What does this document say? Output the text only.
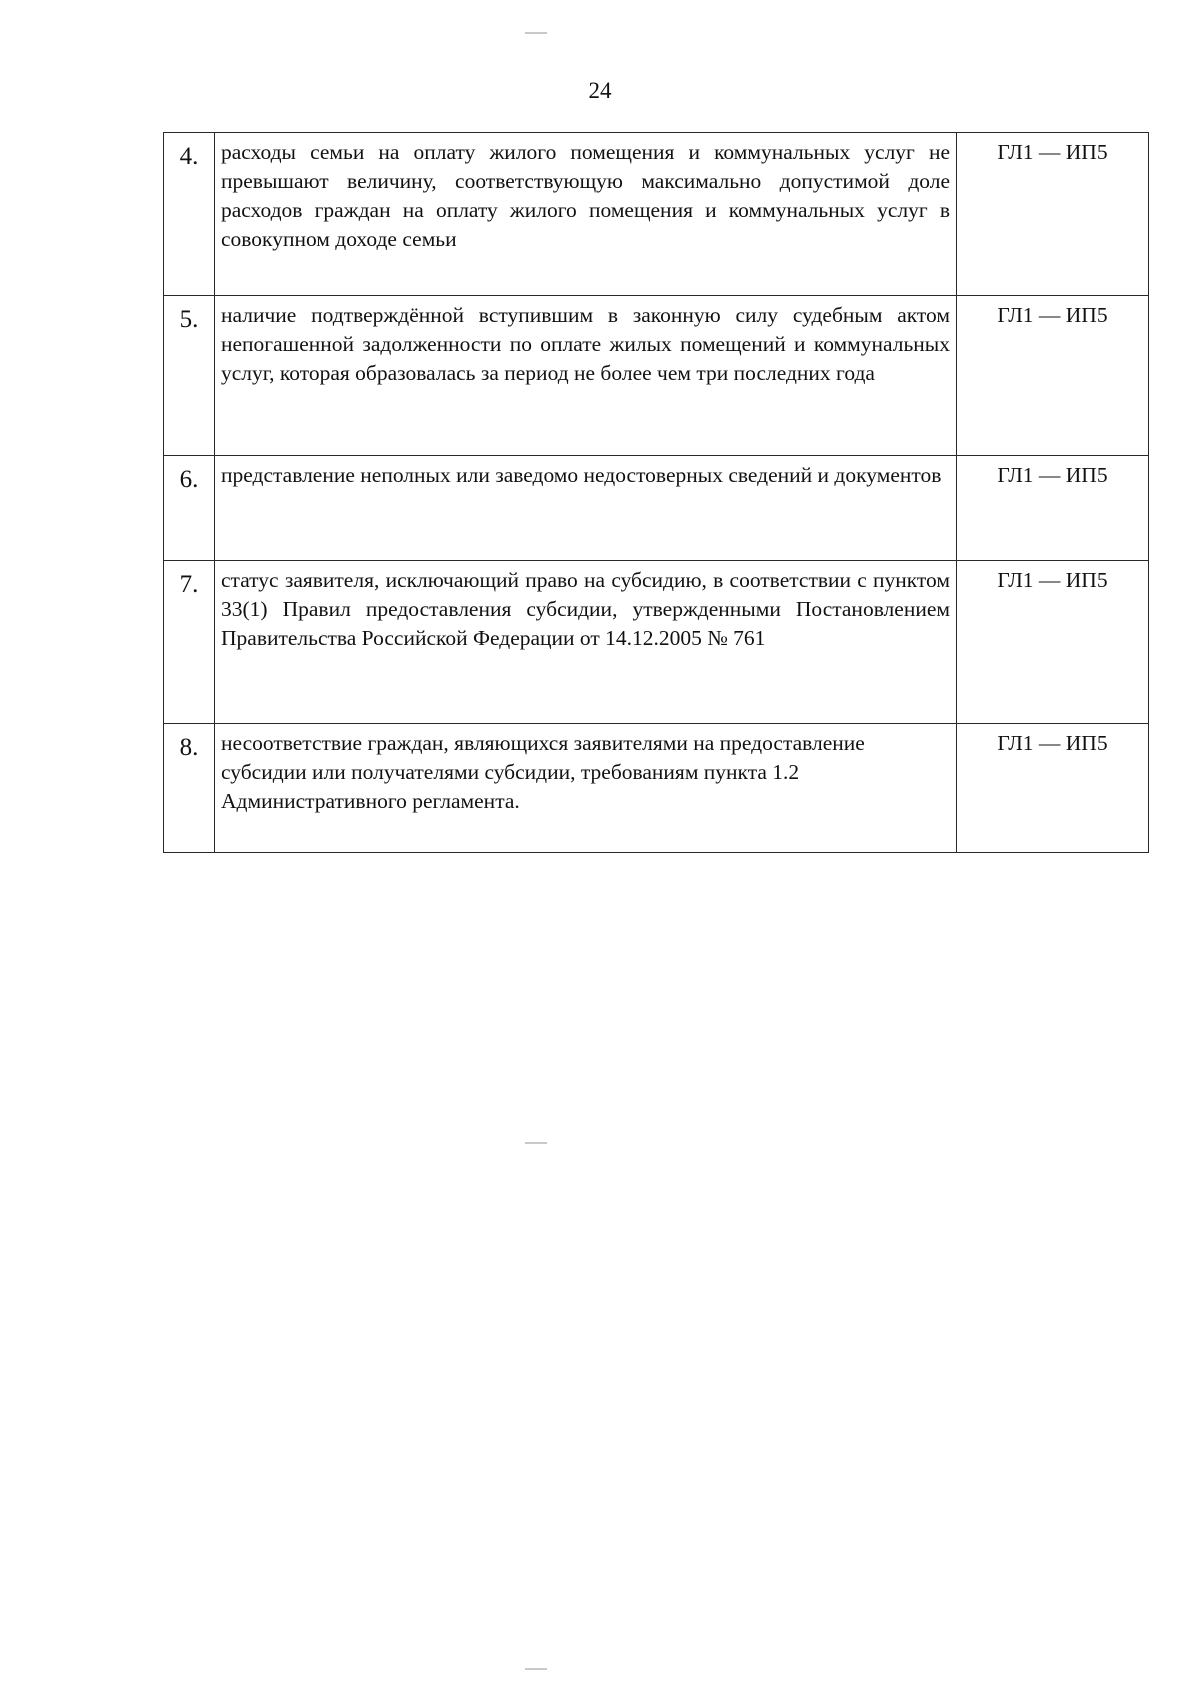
24
4.	расходы семьи на оплату жилого помещения и коммунальных услуг не превышают величину, соответствующую максимально допустимой доле расходов граждан на оплату жилого помещения и коммунальных услуг в совокупном доходе семьи	ГЛ1 — ИП5
5.	наличие подтверждённой вступившим в законную силу судебным актом непогашенной задолженности по оплате жилых помещений и коммунальных услуг, которая образовалась за период не более чем три последних года	ГЛ1 — ИП5
6.	представление неполных или заведомо недостоверных сведений и документов	ГЛ1 — ИП5
7.	статус заявителя, исключающий право на субсидию, в соответствии с пунктом 33(1) Правил предоставления субсидии, утвержденными Постановлением Правительства Российской Федерации от 14.12.2005 № 761	ГЛ1 — ИП5
8.	несоответствие граждан, являющихся заявителями на предоставление субсидии или получателями субсидии, требованиям пункта 1.2 Административного регламента.	ГЛ1 — ИП5
